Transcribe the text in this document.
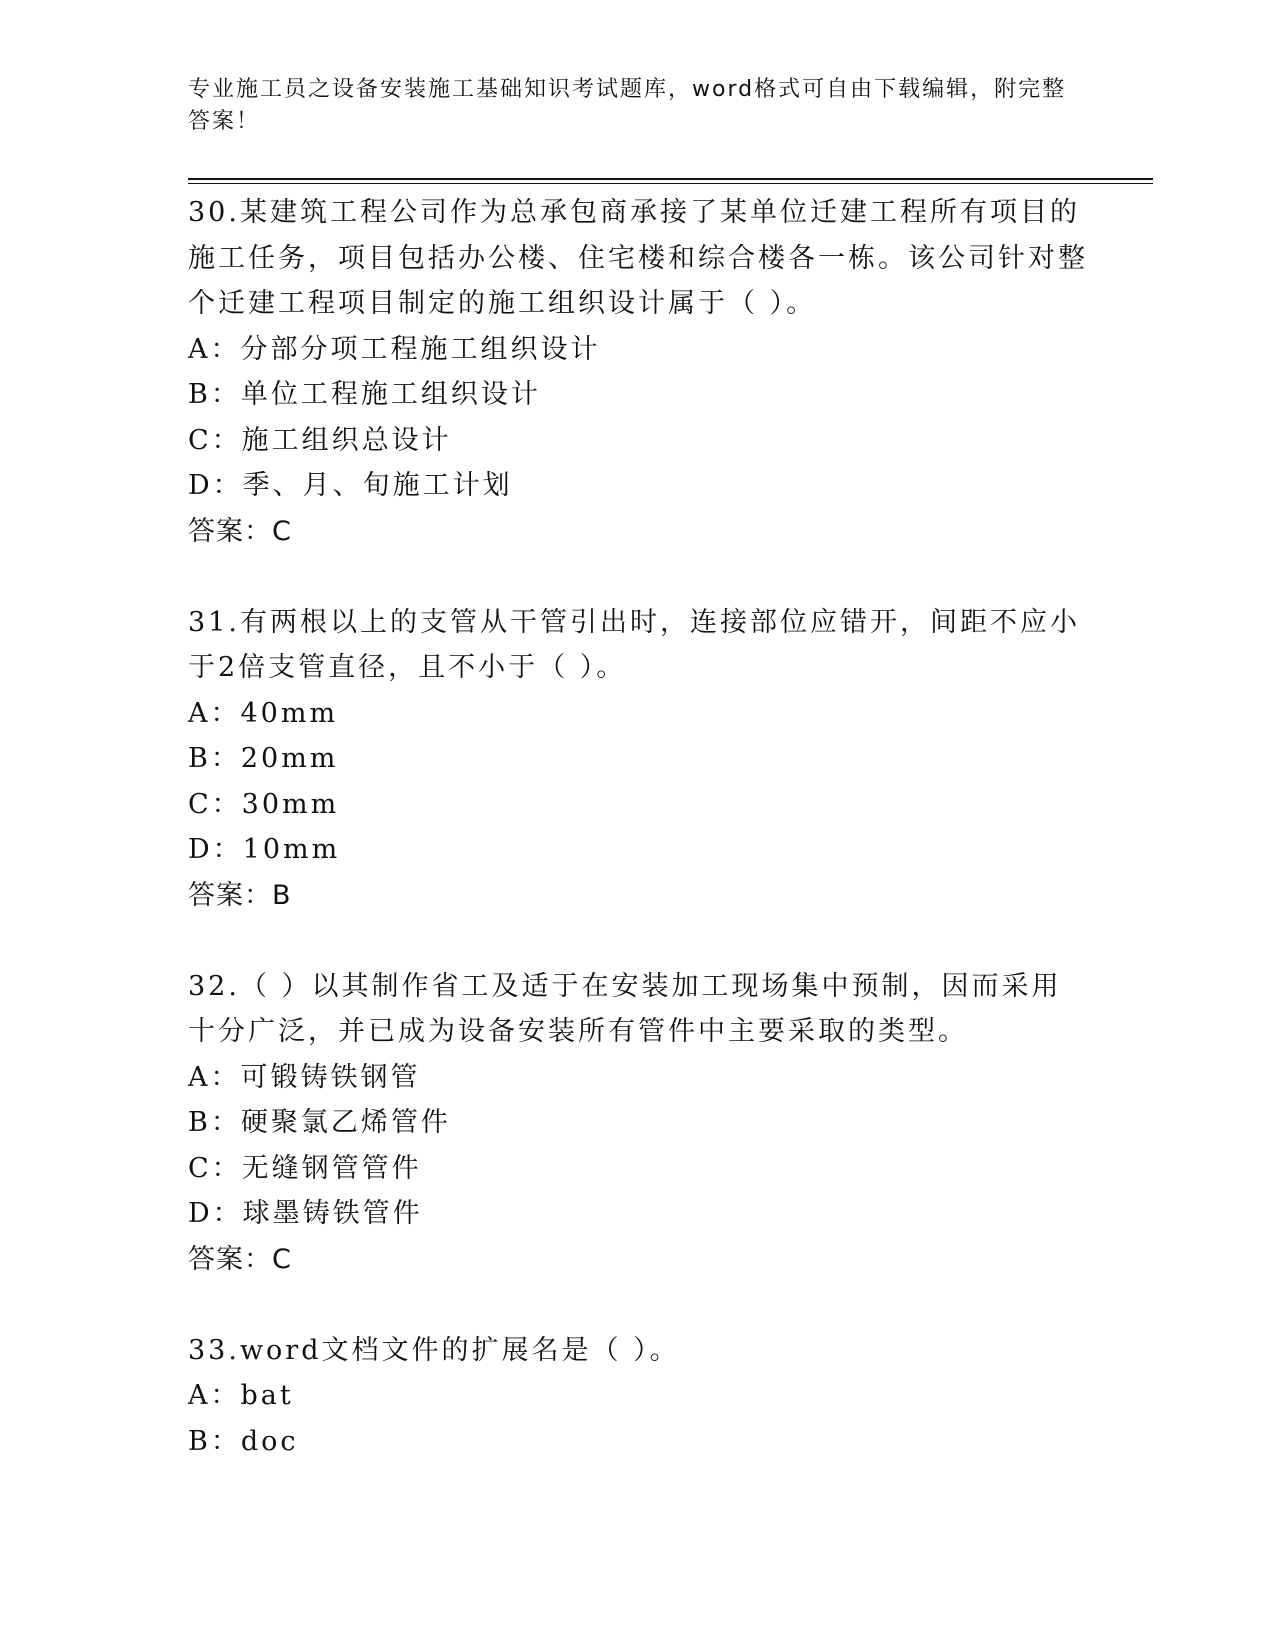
专业施工员之设备安装施工基础知识考试题库，word格式可自由下载编辑，附完整答案！

30.某建筑工程公司作为总承包商承接了某单位迁建工程所有项目的施工任务，项目包括办公楼、住宅楼和综合楼各一栋。该公司针对整个迁建工程项目制定的施工组织设计属于（ ）。

A：分部分项工程施工组织设计

B：单位工程施工组织设计

C：施工组织总设计

D：季、月、旬施工计划

答案：C

31.有两根以上的支管从干管引出时，连接部位应错开，间距不应小于2倍支管直径，且不小于（ ）。

A：40mm

B：20mm

C：30mm

D：10mm

答案：B

32.（ ）以其制作省工及适于在安装加工现场集中预制，因而采用十分广泛，并已成为设备安装所有管件中主要采取的类型。

A：可锻铸铁钢管

B：硬聚氯乙烯管件

C：无缝钢管管件

D：球墨铸铁管件

答案：C

33.word文档文件的扩展名是（ ）。

A：bat

B：doc
